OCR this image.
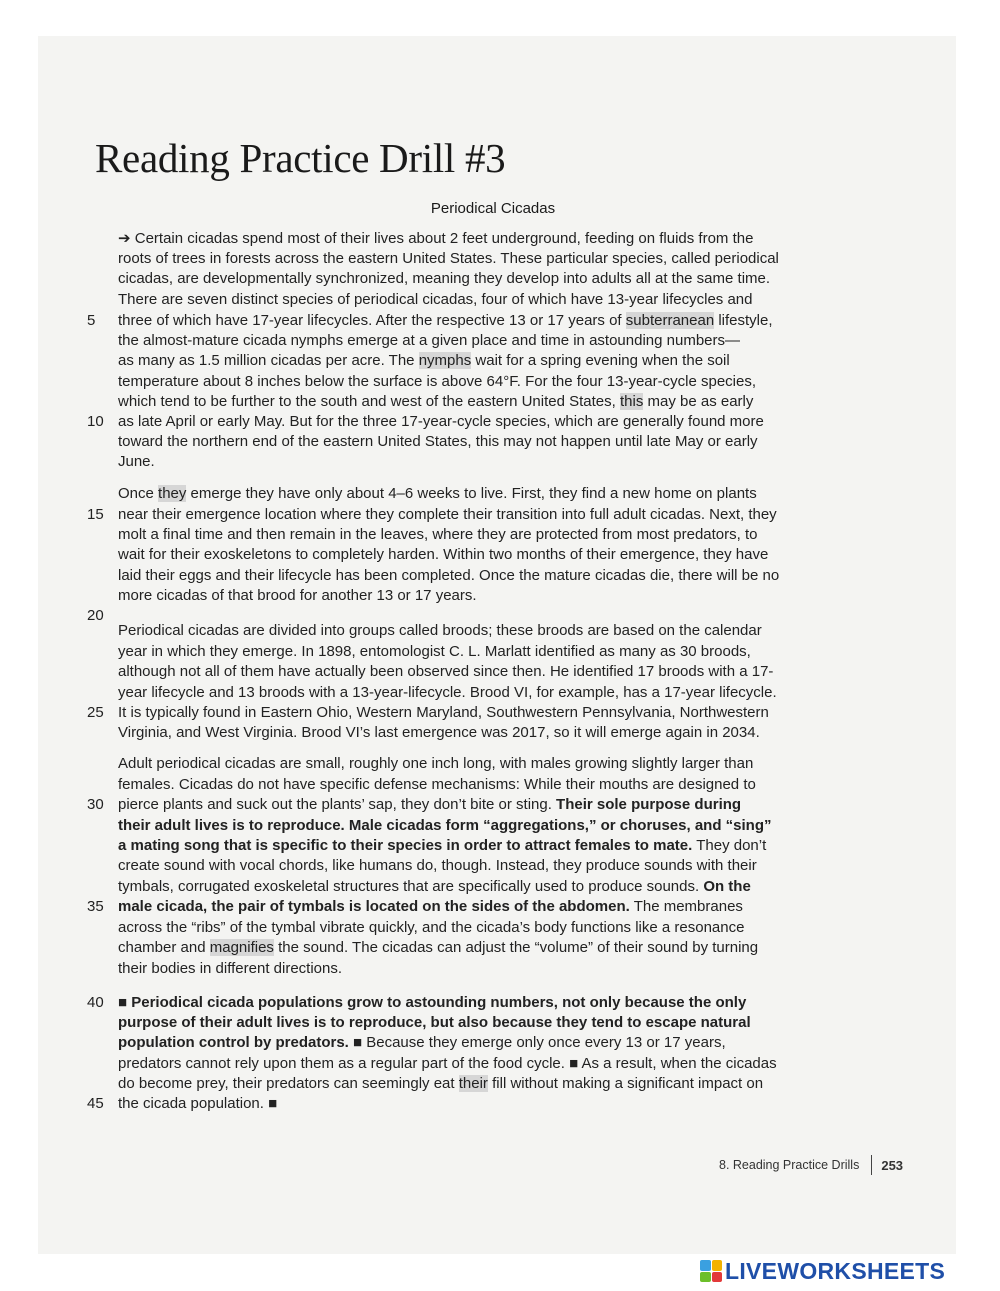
Reading Practice Drill #3

Periodical Cicadas

➔ Certain cicadas spend most of their lives about 2 feet underground, feeding on fluids from the
roots of trees in forests across the eastern United States. These particular species, called periodical
cicadas, are developmentally synchronized, meaning they develop into adults all at the same time.
There are seven distinct species of periodical cicadas, four of which have 13-year lifecycles and
5 three of which have 17-year lifecycles. After the respective 13 or 17 years of subterranean lifestyle,
the almost-mature cicada nymphs emerge at a given place and time in astounding numbers—
as many as 1.5 million cicadas per acre. The nymphs wait for a spring evening when the soil
temperature about 8 inches below the surface is above 64°F. For the four 13-year-cycle species,
which tend to be further to the south and west of the eastern United States, this may be as early
10 as late April or early May. But for the three 17-year-cycle species, which are generally found more
toward the northern end of the eastern United States, this may not happen until late May or early
June.
Once they emerge they have only about 4–6 weeks to live. First, they find a new home on plants
15 near their emergence location where they complete their transition into full adult cicadas. Next, they
molt a final time and then remain in the leaves, where they are protected from most predators, to
wait for their exoskeletons to completely harden. Within two months of their emergence, they have
laid their eggs and their lifecycle has been completed. Once the mature cicadas die, there will be no
more cicadas of that brood for another 13 or 17 years.
20
Periodical cicadas are divided into groups called broods; these broods are based on the calendar
year in which they emerge. In 1898, entomologist C. L. Marlatt identified as many as 30 broods,
although not all of them have actually been observed since then. He identified 17 broods with a 17-
year lifecycle and 13 broods with a 13-year-lifecycle. Brood VI, for example, has a 17-year lifecycle.
25 It is typically found in Eastern Ohio, Western Maryland, Southwestern Pennsylvania, Northwestern
Virginia, and West Virginia. Brood VI’s last emergence was 2017, so it will emerge again in 2034.
Adult periodical cicadas are small, roughly one inch long, with males growing slightly larger than
females. Cicadas do not have specific defense mechanisms: While their mouths are designed to
30 pierce plants and suck out the plants’ sap, they don’t bite or sting. Their sole purpose during
their adult lives is to reproduce. Male cicadas form “aggregations,” or choruses, and “sing”
a mating song that is specific to their species in order to attract females to mate. They don’t
create sound with vocal chords, like humans do, though. Instead, they produce sounds with their
tymbals, corrugated exoskeletal structures that are specifically used to produce sounds. On the
35 male cicada, the pair of tymbals is located on the sides of the abdomen. The membranes
across the “ribs” of the tymbal vibrate quickly, and the cicada’s body functions like a resonance
chamber and magnifies the sound. The cicadas can adjust the “volume” of their sound by turning
their bodies in different directions.
40 ■ Periodical cicada populations grow to astounding numbers, not only because the only
purpose of their adult lives is to reproduce, but also because they tend to escape natural
population control by predators. ■ Because they emerge only once every 13 or 17 years,
predators cannot rely upon them as a regular part of the food cycle. ■ As a result, when the cicadas
do become prey, their predators can seemingly eat their fill without making a significant impact on
45 the cicada population. ■
8. Reading Practice Drills 253
LIVEWORKSHEETS
